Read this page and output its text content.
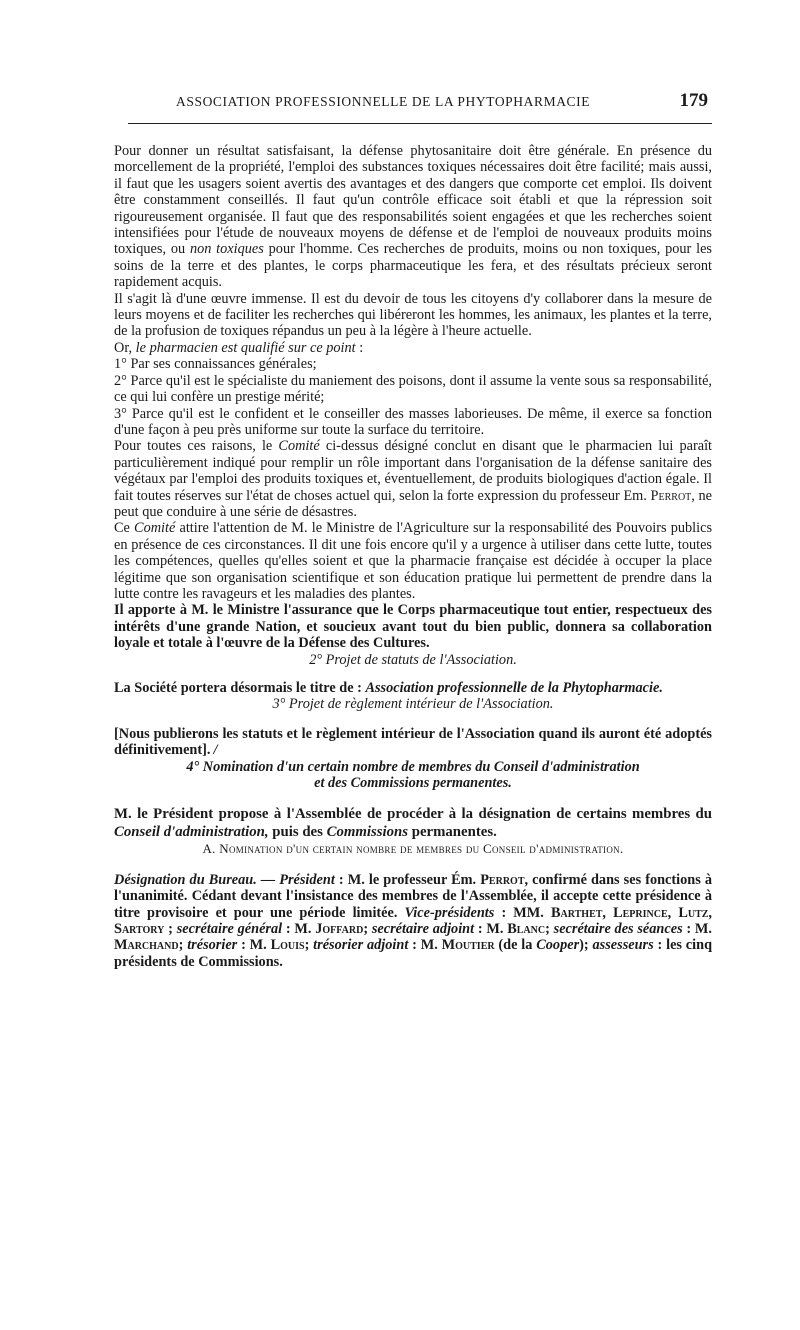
ASSOCIATION PROFESSIONNELLE DE LA PHYTOPHARMACIE	179

Pour donner un résultat satisfaisant, la défense phytosanitaire doit être générale. En présence du morcellement de la propriété, l'emploi des substances toxiques nécessaires doit être facilité; mais aussi, il faut que les usagers soient avertis des avantages et des dangers que comporte cet emploi. Ils doivent être constamment conseillés. Il faut qu'un contrôle efficace soit établi et que la répression soit rigoureusement organisée. Il faut que des responsabilités soient engagées et que les recherches soient intensifiées pour l'étude de nouveaux moyens de défense et de l'emploi de nouveaux produits moins toxiques, ou non toxiques pour l'homme. Ces recherches de produits, moins ou non toxiques, pour les soins de la terre et des plantes, le corps pharmaceutique les fera, et des résultats précieux seront rapidement acquis.

Il s'agit là d'une œuvre immense. Il est du devoir de tous les citoyens d'y collaborer dans la mesure de leurs moyens et de faciliter les recherches qui libéreront les hommes, les animaux, les plantes et la terre, de la profusion de toxiques répandus un peu à la légère à l'heure actuelle.

Or, le pharmacien est qualifié sur ce point :

1° Par ses connaissances générales;

2° Parce qu'il est le spécialiste du maniement des poisons, dont il assume la vente sous sa responsabilité, ce qui lui confère un prestige mérité;

3° Parce qu'il est le confident et le conseiller des masses laborieuses. De même, il exerce sa fonction d'une façon à peu près uniforme sur toute la surface du territoire.

Pour toutes ces raisons, le Comité ci-dessus désigné conclut en disant que le pharmacien lui paraît particulièrement indiqué pour remplir un rôle important dans l'organisation de la défense sanitaire des végétaux par l'emploi des produits toxiques et, éventuellement, de produits biologiques d'action égale. Il fait toutes réserves sur l'état de choses actuel qui, selon la forte expression du professeur Em. Perrot, ne peut que conduire à une série de désastres.

Ce Comité attire l'attention de M. le Ministre de l'Agriculture sur la responsabilité des Pouvoirs publics en présence de ces circonstances. Il dit une fois encore qu'il y a urgence à utiliser dans cette lutte, toutes les compétences, quelles qu'elles soient et que la pharmacie française est décidée à occuper la place légitime que son organisation scientifique et son éducation pratique lui permettent de prendre dans la lutte contre les ravageurs et les maladies des plantes.

Il apporte à M. le Ministre l'assurance que le Corps pharmaceutique tout entier, respectueux des intérêts d'une grande Nation, et soucieux avant tout du bien public, donnera sa collaboration loyale et totale à l'œuvre de la Défense des Cultures.

2° Projet de statuts de l'Association.

La Société portera désormais le titre de : Association professionnelle de la Phytopharmacie.

3° Projet de règlement intérieur de l'Association.

[Nous publierons les statuts et le règlement intérieur de l'Association quand ils auront été adoptés définitivement]. /

4° Nomination d'un certain nombre de membres du Conseil d'administration
et des Commissions permanentes.

M. le Président propose à l'Assemblée de procéder à la désignation de certains membres du Conseil d'administration, puis des Commissions permanentes.

A. Nomination d'un certain nombre de membres du Conseil d'administration.

Désignation du Bureau. — Président : M. le professeur Ém. Perrot, confirmé dans ses fonctions à l'unanimité. Cédant devant l'insistance des membres de l'Assemblée, il accepte cette présidence à titre provisoire et pour une période limitée. Vice-présidents : MM. Barthet, Leprince, Lutz, Sartory ; secrétaire général : M. Joffard; secrétaire adjoint : M. Blanc; secrétaire des séances : M. Marchand; trésorier : M. Louis; trésorier adjoint : M. Moutier (de la Cooper); assesseurs : les cinq présidents de Commissions.
